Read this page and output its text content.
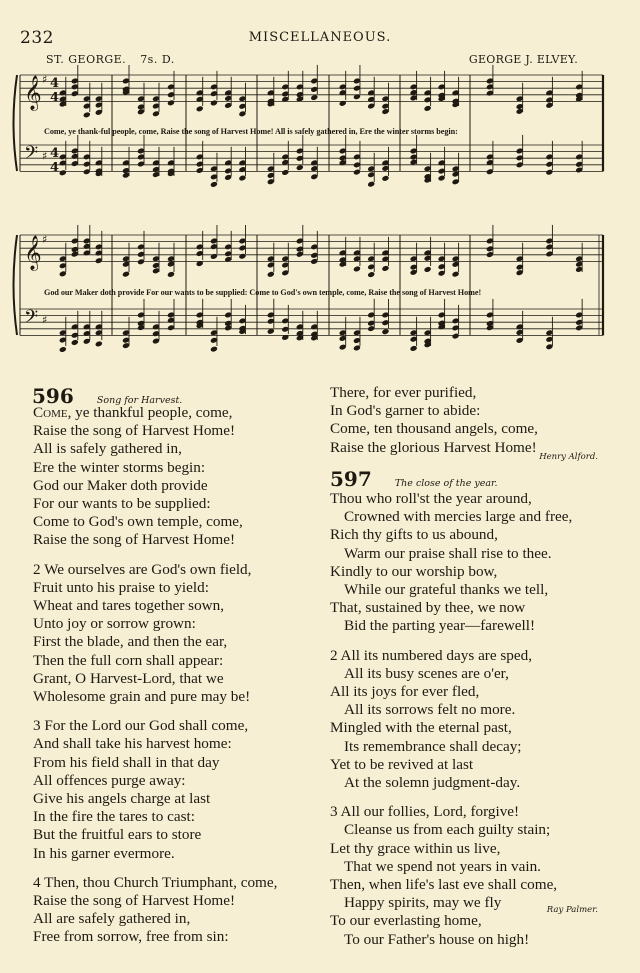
232	MISCELLANEOUS.
ST. GEORGE. 7s. D.	GEORGE J. ELVEY.
𝄞 ♯ 4
4
𝄢 ♯ 4
4
𝄞 ♯
𝄢 ♯
Come, ye thank-ful people, come, Raise the song of Harvest Home! All is safely gathered in, Ere the winter storms begin:
God our Maker doth provide For our wants to be supplied: Come to God's own temple, come, Raise the song of Harvest Home!
596 Song for Harvest.
Come, ye thankful people, come,
Raise the song of Harvest Home!
All is safely gathered in,
Ere the winter storms begin:
God our Maker doth provide
For our wants to be supplied:
Come to God's own temple, come,
Raise the song of Harvest Home!
2 We ourselves are God's own field,
Fruit unto his praise to yield:
Wheat and tares together sown,
Unto joy or sorrow grown:
First the blade, and then the ear,
Then the full corn shall appear:
Grant, O Harvest-Lord, that we
Wholesome grain and pure may be!
3 For the Lord our God shall come,
And shall take his harvest home:
From his field shall in that day
All offences purge away:
Give his angels charge at last
In the fire the tares to cast:
But the fruitful ears to store
In his garner evermore.
4 Then, thou Church Triumphant, come,
Raise the song of Harvest Home!
All are safely gathered in,
Free from sorrow, free from sin:
There, for ever purified,
In God's garner to abide:
Come, ten thousand angels, come,
Raise the glorious Harvest Home!
Henry Alford.
597 The close of the year.
Thou who roll'st the year around,
Crowned with mercies large and free,
Rich thy gifts to us abound,
Warm our praise shall rise to thee.
Kindly to our worship bow,
While our grateful thanks we tell,
That, sustained by thee, we now
Bid the parting year—farewell!
2 All its numbered days are sped,
All its busy scenes are o'er,
All its joys for ever fled,
All its sorrows felt no more.
Mingled with the eternal past,
Its remembrance shall decay;
Yet to be revived at last
At the solemn judgment-day.
3 All our follies, Lord, forgive!
Cleanse us from each guilty stain;
Let thy grace within us live,
That we spend not years in vain.
Then, when life's last eve shall come,
Happy spirits, may we fly
To our everlasting home,
To our Father's house on high!
Ray Palmer.
